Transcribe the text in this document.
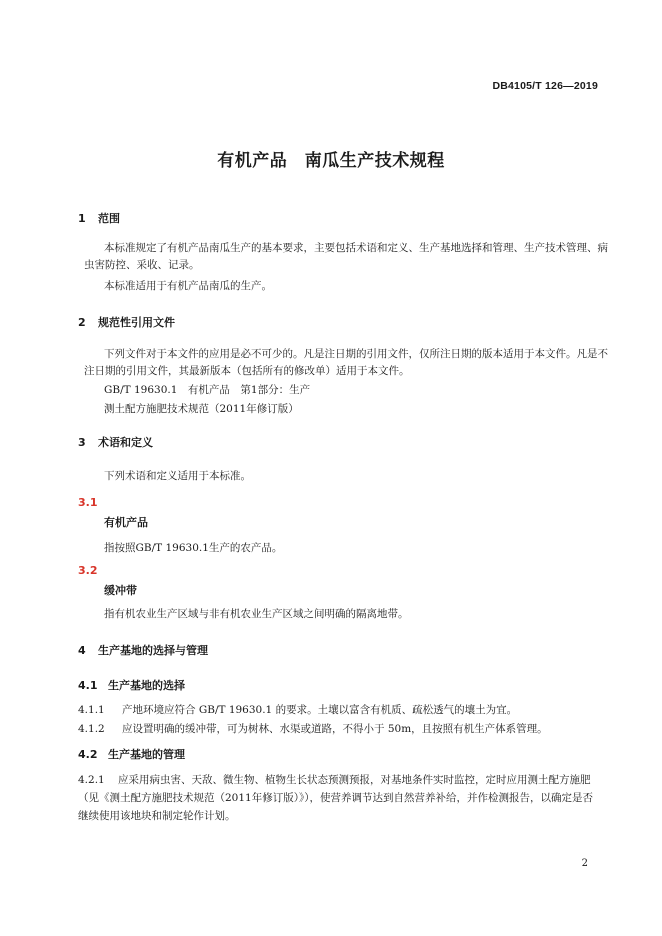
DB4105/T 126—2019
有机产品　南瓜生产技术规程
1 范围
本标准规定了有机产品南瓜生产的基本要求，主要包括术语和定义、生产基地选择和管理、生产技术管理、病虫害防控、采收、记录。
本标准适用于有机产品南瓜的生产。
2 规范性引用文件
下列文件对于本文件的应用是必不可少的。凡是注日期的引用文件，仅所注日期的版本适用于本文件。凡是不注日期的引用文件，其最新版本（包括所有的修改单）适用于本文件。
GB/T 19630.1　有机产品　第1部分：生产
测土配方施肥技术规范（2011年修订版）
3 术语和定义
下列术语和定义适用于本标准。
3.1
有机产品
指按照GB/T 19630.1生产的农产品。
3.2
缓冲带
指有机农业生产区域与非有机农业生产区域之间明确的隔离地带。
4 生产基地的选择与管理
4.1 生产基地的选择
4.1.1 产地环境应符合 GB/T 19630.1 的要求。土壤以富含有机质、疏松透气的壤土为宜。
4.1.2 应设置明确的缓冲带，可为树林、水渠或道路，不得小于 50m，且按照有机生产体系管理。
4.2 生产基地的管理
4.2.1 应采用病虫害、天敌、微生物、植物生长状态预测预报，对基地条件实时监控，定时应用测土配方施肥（见《测土配方施肥技术规范（2011年修订版）》），使营养调节达到自然营养补给，并作检测报告，以确定是否继续使用该地块和制定轮作计划。
2
